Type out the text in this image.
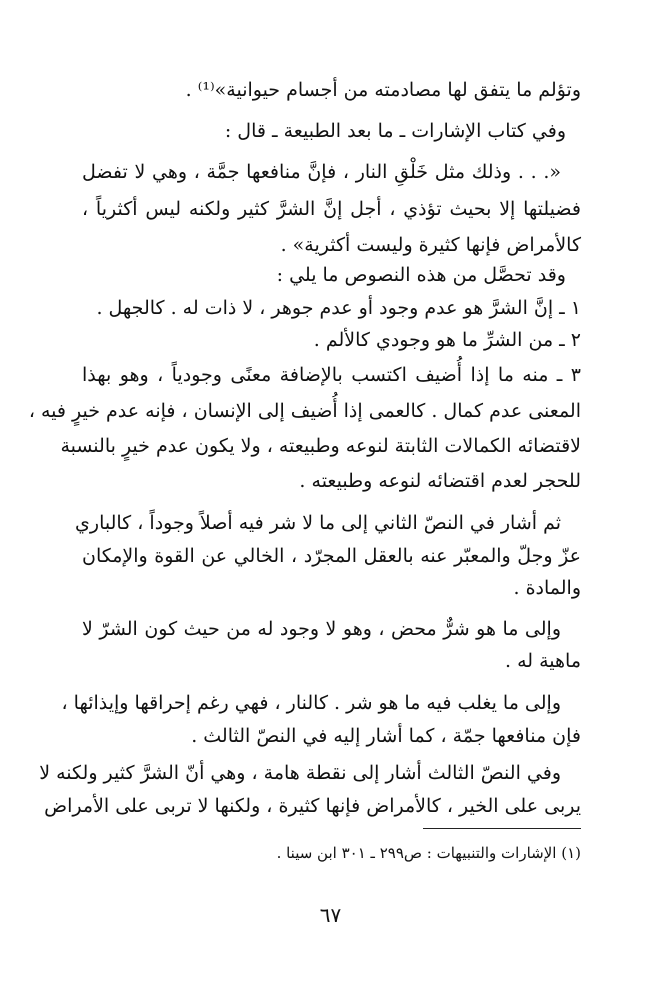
وتؤلم ما يتفق لها مصادمته من أجسام حيوانية»⁽¹⁾ .
وفي كتاب الإشارات ـ ما بعد الطبيعة ـ قال :
«. . . وذلك مثل خَلْقِ النار ، فإنَّ منافعها جمَّة ، وهي لا تفضل
فضيلتها إلا بحيث تؤذي ، أجل إنَّ الشرَّ كثير ولكنه ليس أكثرياً ،
كالأمراض فإنها كثيرة وليست أكثرية» .
وقد تحصَّل من هذه النصوص ما يلي :
١ ـ إنَّ الشرَّ هو عدم وجود أو عدم جوهر ، لا ذات له . كالجهل .
٢ ـ من الشرِّ ما هو وجودي كالألم .
٣ ـ منه ما إذا أُضيف اكتسب بالإضافة معنًى وجودياً ، وهو بهذا
المعنى عدم كمال . كالعمى إذا أُضيف إلى الإنسان ، فإنه عدم خيرٍ فيه ،
لاقتضائه الكمالات الثابتة لنوعه وطبيعته ، ولا يكون عدم خيرٍ بالنسبة
للحجر لعدم اقتضائه لنوعه وطبيعته .
ثم أشار في النصّ الثاني إلى ما لا شر فيه أصلاً وجوداً ، كالباري
عزّ وجلّ والمعبّر عنه بالعقل المجرّد ، الخالي عن القوة والإمكان
والمادة .
وإلى ما هو شرٌّ محض ، وهو لا وجود له من حيث كون الشرّ لا
ماهية له .
وإلى ما يغلب فيه ما هو شر . كالنار ، فهي رغم إحراقها وإيذائها ،
فإن منافعها جمّة ، كما أشار إليه في النصّ الثالث .
وفي النصّ الثالث أشار إلى نقطة هامة ، وهي أنّ الشرَّ كثير ولكنه لا
يربى على الخير ، كالأمراض فإنها كثيرة ، ولكنها لا تربى على الأمراض
(١) الإشارات والتنبيهات : ص٢٩٩ ـ ٣٠١ ابن سينا .
٦٧
